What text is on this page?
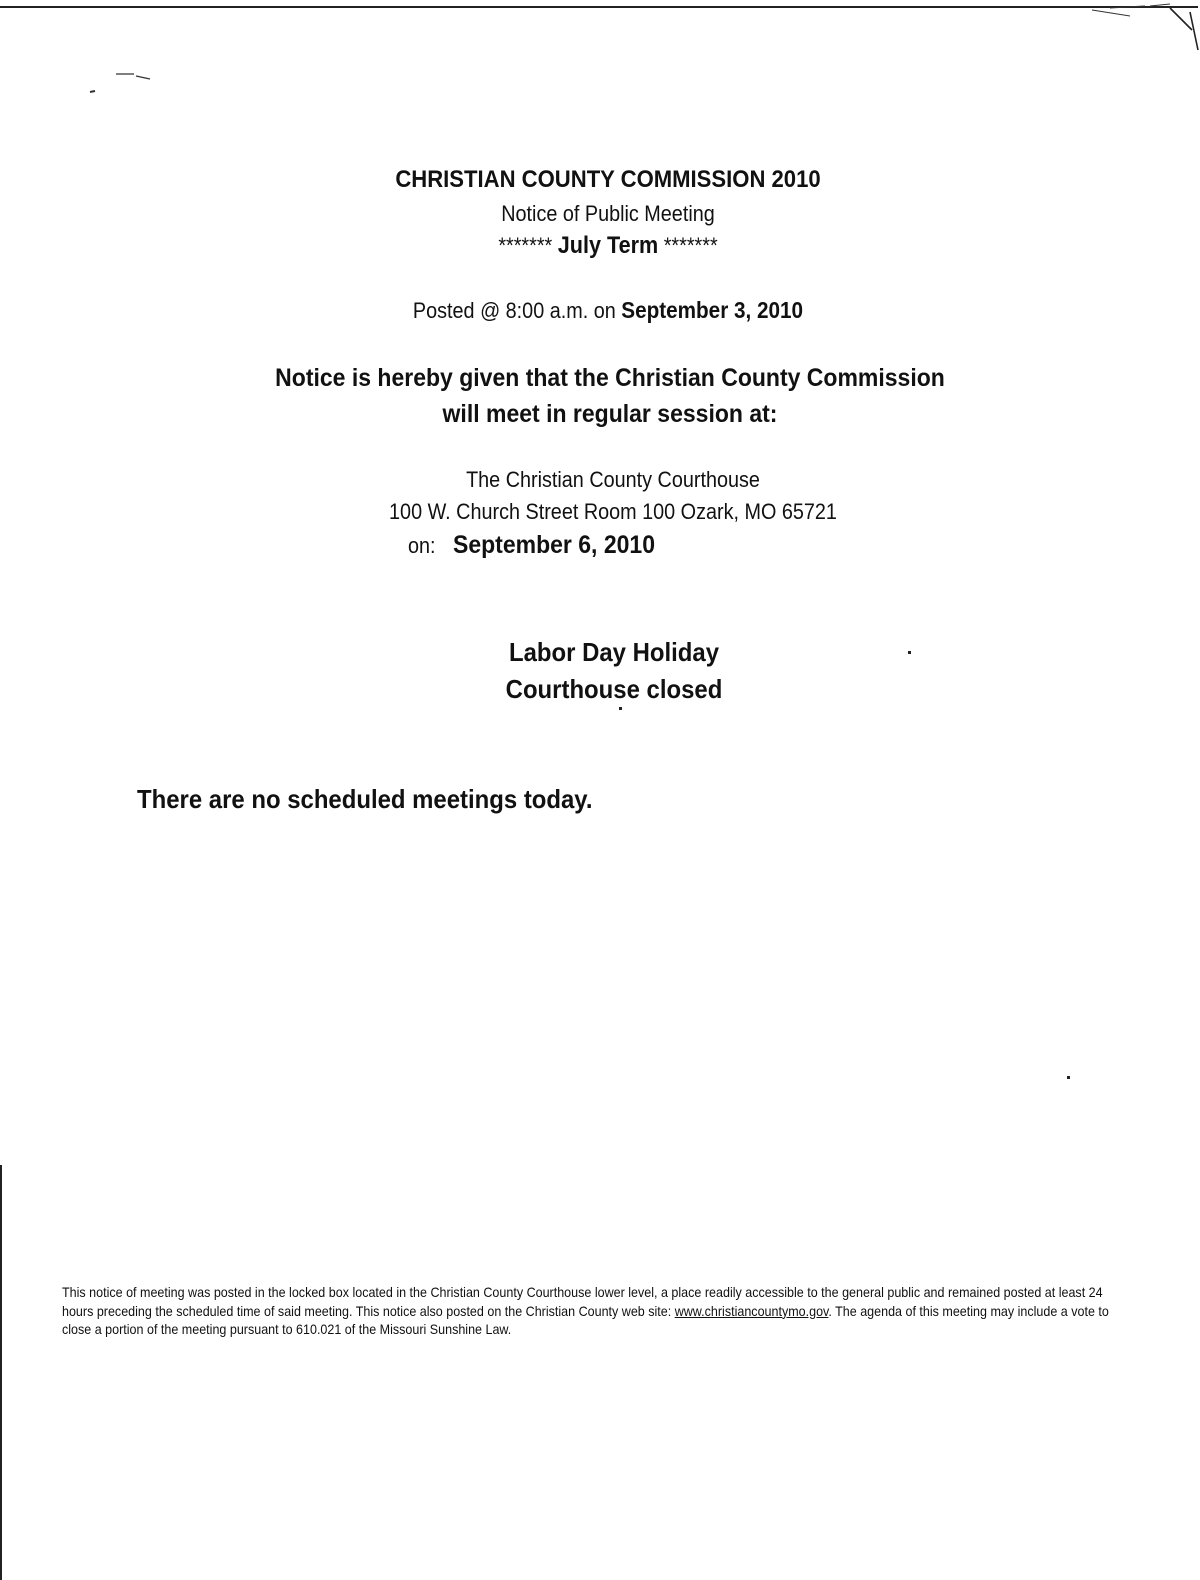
CHRISTIAN COUNTY COMMISSION 2010
Notice of Public Meeting
******* July Term *******
Posted @ 8:00 a.m. on September 3, 2010
Notice is hereby given that the Christian County Commission
will meet in regular session at:
The Christian County Courthouse
100 W. Church Street Room 100 Ozark, MO 65721
on: September 6, 2010
Labor Day Holiday
Courthouse closed
There are no scheduled meetings today.
This notice of meeting was posted in the locked box located in the Christian County Courthouse lower level, a place readily accessible to the general public and remained posted at least 24 hours preceding the scheduled time of said meeting. This notice also posted on the Christian County web site: www.christiancountymo.gov. The agenda of this meeting may include a vote to close a portion of the meeting pursuant to 610.021 of the Missouri Sunshine Law.
